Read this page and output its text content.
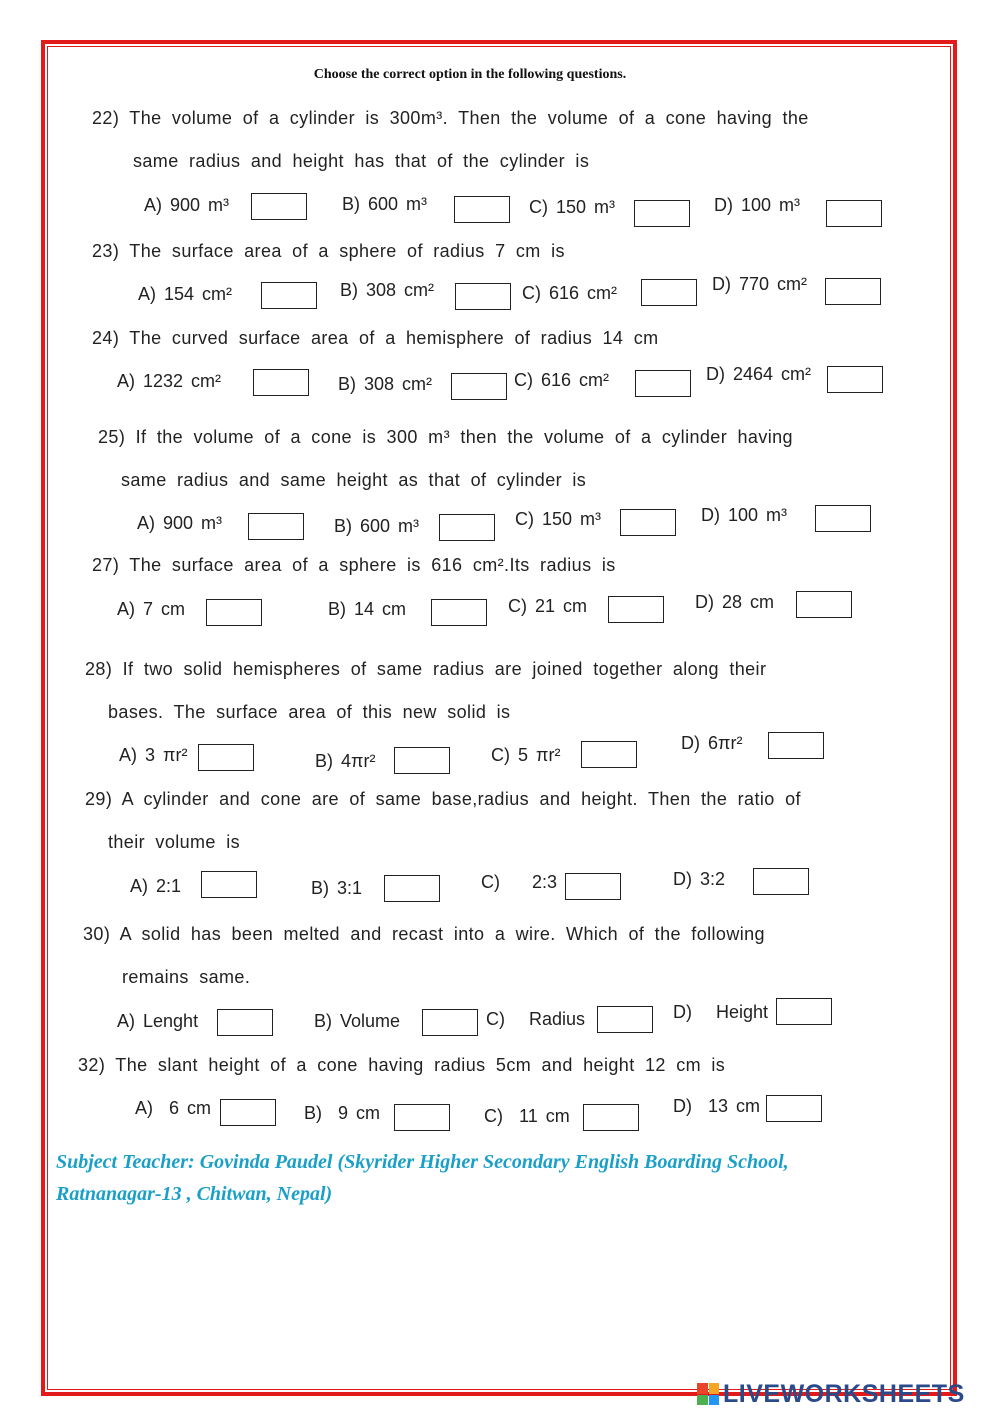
Choose the correct option in the following questions.
22) The volume of a cylinder is 300m³. Then the volume of a cone having the
same radius and height has that of the cylinder is
A) 900 m³	B) 600 m³	C) 150 m³	D) 100 m³
23) The surface area of a sphere of radius 7 cm is
A) 154 cm²	B) 308 cm²	C) 616 cm²	D) 770 cm²
24) The curved surface area of a hemisphere of radius 14 cm
A) 1232 cm²	B) 308 cm²	C) 616 cm²	D) 2464 cm²
25) If the volume of a cone is 300 m³ then the volume of a cylinder having
same radius and same height as that of cylinder is
A) 900 m³	B) 600 m³	C) 150 m³	D) 100 m³
27) The surface area of a sphere is 616 cm².Its radius is
A) 7 cm	B) 14 cm	C) 21 cm	D) 28 cm
28) If two solid hemispheres of same radius are joined together along their
bases. The surface area of this new solid is
A) 3 πr²	B) 4πr²	C) 5 πr²
D) 6πr²
29) A cylinder and cone are of same base,radius and height. Then the ratio of
their volume is
A) 2:1	B) 3:1	C) 2:3	D) 3:2
30) A solid has been melted and recast into a wire. Which of the following
remains same.
A) Lenght	B) Volume	C) Radius	D) Height
32) The slant height of a cone having radius 5cm and height 12 cm is
A) 6 cm	B) 9 cm	C) 11 cm	D) 13 cm
Subject Teacher: Govinda Paudel (Skyrider Higher Secondary English Boarding School,
Ratnanagar-13 , Chitwan, Nepal)
LIVEWORKSHEETS
